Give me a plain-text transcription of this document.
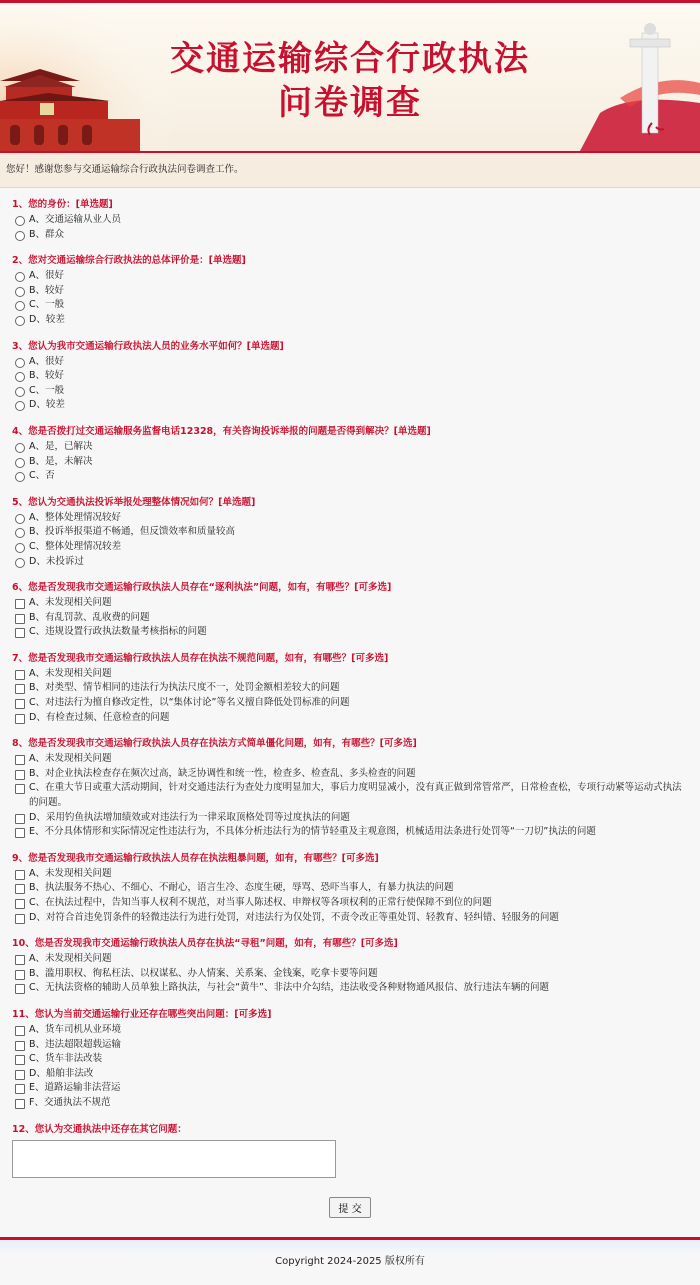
交通运输综合行政执法
问卷调查
您好！感谢您参与交通运输综合行政执法问卷调查工作。
1、您的身份：[单选题]
A、交通运输从业人员
B、群众
2、您对交通运输综合行政执法的总体评价是：[单选题]
A、很好
B、较好
C、一般
D、较差
3、您认为我市交通运输行政执法人员的业务水平如何？[单选题]
A、很好
B、较好
C、一般
D、较差
4、您是否拨打过交通运输服务监督电话12328，有关咨询投诉举报的问题是否得到解决？[单选题]
A、是，已解决
B、是，未解决
C、否
5、您认为交通执法投诉举报处理整体情况如何？[单选题]
A、整体处理情况较好
B、投诉举报渠道不畅通，但反馈效率和质量较高
C、整体处理情况较差
D、未投诉过
6、您是否发现我市交通运输行政执法人员存在“逐利执法”问题，如有，有哪些？[可多选]
A、未发现相关问题
B、有乱罚款、乱收费的问题
C、违规设置行政执法数量考核指标的问题
7、您是否发现我市交通运输行政执法人员存在执法不规范问题，如有，有哪些？[可多选]
A、未发现相关问题
B、对类型、情节相同的违法行为执法尺度不一，处罚金额相差较大的问题
C、对违法行为擅自修改定性，以“集体讨论”等名义擅自降低处罚标准的问题
D、有检查过频、任意检查的问题
8、您是否发现我市交通运输行政执法人员存在执法方式简单僵化问题，如有，有哪些？[可多选]
A、未发现相关问题
B、对企业执法检查存在频次过高，缺乏协调性和统一性，检查多、检查乱、多头检查的问题
C、在重大节日或重大活动期间，针对交通违法行为查处力度明显加大，事后力度明显减小，没有真正做到常管常严，日常检查松，专项行动紧等运动式执法的问题。
D、采用钓鱼执法增加绩效或对违法行为一律采取顶格处罚等过度执法的问题
E、不分具体情形和实际情况定性违法行为，不具体分析违法行为的情节轻重及主观意图，机械适用法条进行处罚等“一刀切”执法的问题
9、您是否发现我市交通运输行政执法人员存在执法粗暴问题，如有，有哪些？[可多选]
A、未发现相关问题
B、执法服务不热心、不细心、不耐心，语言生冷、态度生硬，辱骂、恐吓当事人，有暴力执法的问题
C、在执法过程中，告知当事人权利不规范，对当事人陈述权、申辩权等各项权利的正常行使保障不到位的问题
D、对符合首违免罚条件的轻微违法行为进行处罚，对违法行为仅处罚，不责令改正等重处罚、轻教育、轻纠错、轻服务的问题
10、您是否发现我市交通运输行政执法人员存在执法“寻租”问题，如有，有哪些？[可多选]
A、未发现相关问题
B、滥用职权、徇私枉法、以权谋私、办人情案、关系案、金钱案，吃拿卡要等问题
C、无执法资格的辅助人员单独上路执法，与社会“黄牛”、非法中介勾结，违法收受各种财物通风报信、放行违法车辆的问题
11、您认为当前交通运输行业还存在哪些突出问题：[可多选]
A、货车司机从业环境
B、违法超限超载运输
C、货车非法改装
D、船舶非法改
E、道路运输非法营运
F、交通执法不规范
12、您认为交通执法中还存在其它问题：
提 交
Copyright 2024-2025 版权所有
